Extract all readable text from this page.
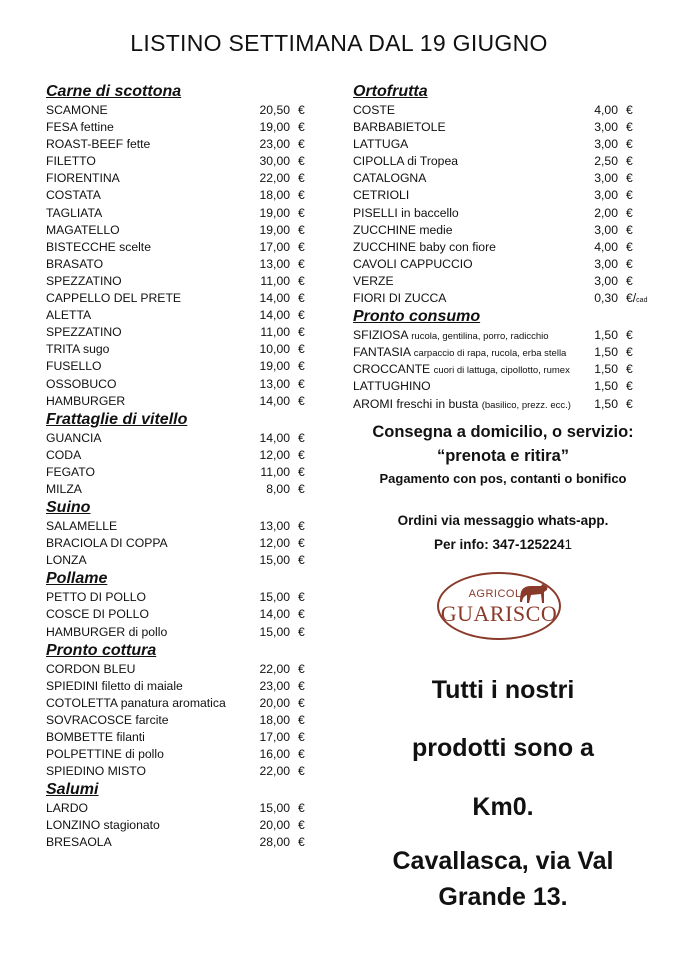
LISTINO SETTIMANA DAL 19 GIUGNO
Carne di scottona
SCAMONE	20,50 €
FESA fettine	19,00 €
ROAST-BEEF fette	23,00 €
FILETTO	30,00 €
FIORENTINA	22,00 €
COSTATA	18,00 €
TAGLIATA	19,00 €
MAGATELLO	19,00 €
BISTECCHE scelte	17,00 €
BRASATO	13,00 €
SPEZZATINO	11,00 €
CAPPELLO DEL PRETE	14,00 €
ALETTA	14,00 €
SPEZZATINO	11,00 €
TRITA sugo	10,00 €
FUSELLO	19,00 €
OSSOBUCO	13,00 €
HAMBURGER	14,00 €
Frattaglie di vitello
GUANCIA	14,00 €
CODA	12,00 €
FEGATO	11,00 €
MILZA	8,00 €
Suino
SALAMELLE	13,00 €
BRACIOLA DI COPPA	12,00 €
LONZA	15,00 €
Pollame
PETTO DI POLLO	15,00 €
COSCE DI POLLO	14,00 €
HAMBURGER di pollo	15,00 €
Pronto cottura
CORDON BLEU	22,00 €
SPIEDINI filetto di maiale	23,00 €
COTOLETTA panatura aromatica	20,00 €
SOVRACOSCE farcite	18,00 €
BOMBETTE filanti	17,00 €
POLPETTINE di pollo	16,00 €
SPIEDINO MISTO	22,00 €
Salumi
LARDO	15,00 €
LONZINO stagionato	20,00 €
BRESAOLA	28,00 €
Ortofrutta
COSTE	4,00 €
BARBABIETOLE	3,00 €
LATTUGA	3,00 €
CIPOLLA di Tropea	2,50 €
CATALOGNA	3,00 €
CETRIOLI	3,00 €
PISELLI in baccello	2,00 €
ZUCCHINE medie	3,00 €
ZUCCHINE baby con fiore	4,00 €
CAVOLI CAPPUCCIO	3,00 €
VERZE	3,00 €
FIORI DI ZUCCA	0,30 €/cad
Pronto consumo
SFIZIOSA rucola, gentilina, porro, radicchio	1,50 €
FANTASIA carpaccio di rapa, rucola, erba stella 1,50 €
CROCCANTE cuori di lattuga, cipollotto, rumex 1,50 €
LATTUGHINO	1,50 €
AROMI freschi in busta (basilico, prezz. ecc.) 1,50 €
Consegna a domicilio, o servizio:
“prenota e ritira”
Pagamento con pos, contanti o bonifico
Ordini via messaggio whats-app.
Per info: 347-1252241
AGRICOLA
GUARISCO
Tutti i nostri
prodotti sono a
Km0.
Cavallasca, via Val
Grande 13.
